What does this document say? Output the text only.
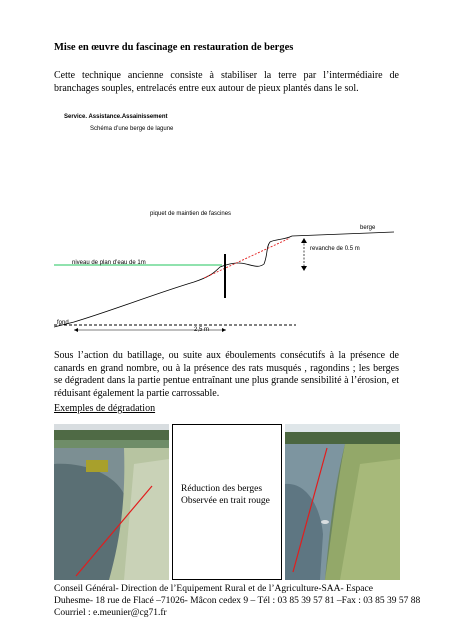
Mise en œuvre du fascinage en restauration de berges

Cette technique ancienne consiste à stabiliser la terre par l’intermédiaire de branchages souples, entrelacés entre eux autour de pieux plantés dans le sol.

Service. Assistance.Assainissement
Schéma d’une berge de lagune
piquet de maintien de fascines
berge
revanche de 0.5 m
niveau de plan d’eau de 1m
fond
2,5 m

Sous l’action du batillage, ou suite aux éboulements consécutifs à la présence de canards en grand nombre, ou à la présence des rats musqués , ragondins ; les berges se dégradent dans la partie pentue entraînant une plus grande sensibilité à l’érosion, et réduisant également la partie carrossable.

Exemples de dégradation
Réduction des berges
Observée en trait rouge
Conseil Général- Direction de l’Equipement Rural et de l’Agriculture-SAA- Espace
Duhesme- 18 rue de Flacé –71026- Mâcon cedex 9 – Tél : 03 85 39 57 81 –Fax : 03 85 39 57 88
Courriel : e.meunier@cg71.fr
